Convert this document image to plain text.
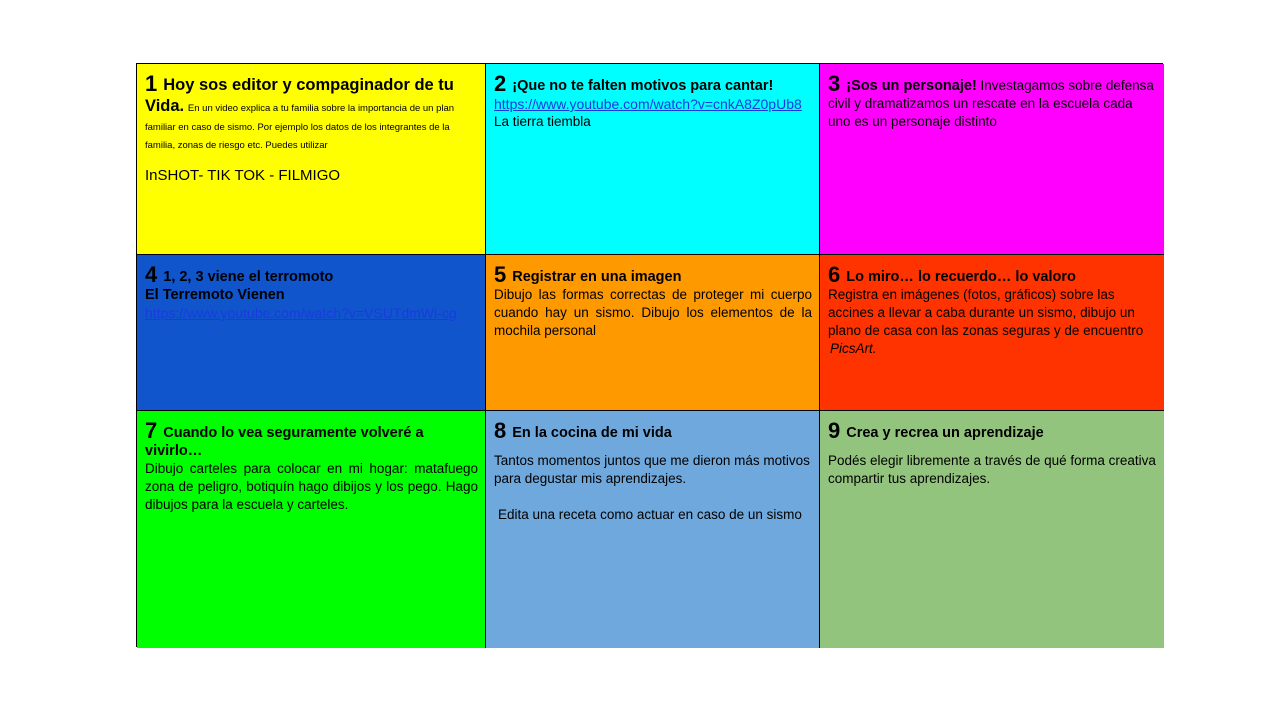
1 Hoy sos editor y compaginador de tu Vida. En un video explica a tu familia sobre la importancia de un plan familiar en caso de sismo. Por ejemplo los datos de los integrantes de la familia, zonas de riesgo etc. Puedes utilizar
InSHOT- TIK TOK - FILMIGO
2 ¡Que no te falten motivos para cantar!
https://www.youtube.com/watch?v=cnkA8Z0pUb8
La tierra tiembla
3 ¡Sos un personaje! Investagamos sobre defensa civil y dramatizamos un rescate en la escuela cada uno es un personaje distinto
4 1, 2, 3 viene el terromoto
El Terremoto Vienen
https://www.youtube.com/watch?v=VSUTdmWi-cg
5 Registrar en una imagen
Dibujo las formas correctas de proteger mi cuerpo cuando hay un sismo. Dibujo los elementos de la mochila personal
6 Lo miro… lo recuerdo… lo valoro
Registra en imágenes (fotos, gráficos) sobre las accines a llevar a caba durante un sismo, dibujo un plano de casa con las zonas seguras y de encuentro
PicsArt.
7 Cuando lo vea seguramente volveré a vivirlo…
Dibujo carteles para colocar en mi hogar: matafuego zona de peligro, botiquín hago dibijos y los pego. Hago dibujos para la escuela y carteles.
8 En la cocina de mi vida
Tantos momentos juntos que me dieron más motivos para degustar mis aprendizajes.
Edita una receta como actuar en caso de un sismo
9 Crea y recrea un aprendizaje
Podés elegir libremente a través de qué forma creativa compartir tus aprendizajes.
